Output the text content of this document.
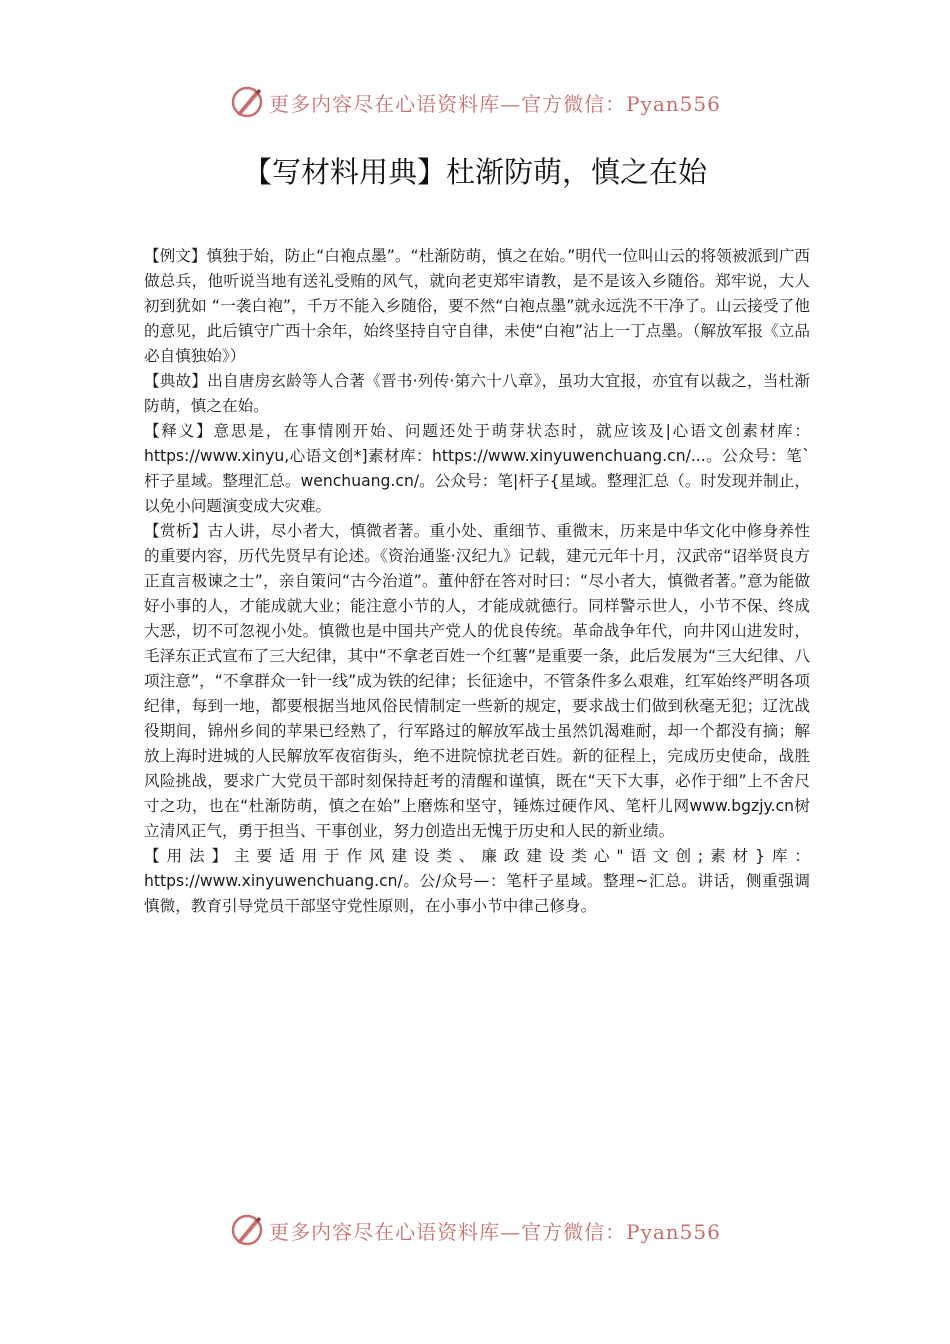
更多内容尽在心语资料库—官方微信：Pyan556
【写材料用典】杜渐防萌，慎之在始

【例文】慎独于始，防止“白袍点墨”。“杜渐防萌，慎之在始。”明代一位叫山云的将领被派到广西做总兵，他听说当地有送礼受贿的风气，就向老吏郑牢请教，是不是该入乡随俗。郑牢说，大人初到犹如 “一袭白袍”，千万不能入乡随俗，要不然“白袍点墨”就永远洗不干净了。山云接受了他的意见，此后镇守广西十余年，始终坚持自守自律，未使“白袍”沾上一丁点墨。（解放军报《立品必自慎独始》）

【典故】出自唐房玄龄等人合著《晋书·列传·第六十八章》，虽功大宜报，亦宜有以裁之，当杜渐防萌，慎之在始。

【释义】意思是，在事情刚开始、问题还处于萌芽状态时，就应该及|心语文创素材库：https://www.xinyu,心语文创*]素材库：https://www.xinyuwenchuang.cn/...。公众号：笔`杆子星域。整理汇总。wenchuang.cn/。公众号：笔|杆子{星域。整理汇总（。时发现并制止，以免小问题演变成大灾难。

【赏析】古人讲，尽小者大，慎微者著。重小处、重细节、重微末，历来是中华文化中修身养性的重要内容，历代先贤早有论述。《资治通鉴·汉纪九》记载，建元元年十月，汉武帝“诏举贤良方正直言极谏之士”，亲自策问“古今治道”。董仲舒在答对时曰：“尽小者大，慎微者著。”意为能做好小事的人，才能成就大业；能注意小节的人，才能成就德行。同样警示世人，小节不保、终成大恶，切不可忽视小处。慎微也是中国共产党人的优良传统。革命战争年代，向井冈山进发时，毛泽东正式宣布了三大纪律，其中“不拿老百姓一个红薯”是重要一条，此后发展为“三大纪律、八项注意”，“不拿群众一针一线”成为铁的纪律；长征途中，不管条件多么艰难，红军始终严明各项纪律，每到一地，都要根据当地风俗民情制定一些新的规定，要求战士们做到秋毫无犯；辽沈战役期间，锦州乡间的苹果已经熟了，行军路过的解放军战士虽然饥渴难耐，却一个都没有摘；解放上海时进城的人民解放军夜宿街头，绝不进院惊扰老百姓。新的征程上，完成历史使命，战胜风险挑战，要求广大党员干部时刻保持赶考的清醒和谨慎，既在“天下大事，必作于细”上不舍尺寸之功，也在“杜渐防萌，慎之在始”上磨炼和坚守，锤炼过硬作风、笔杆儿网www.bgzjy.cn树立清风正气，勇于担当、干事创业，努力创造出无愧于历史和人民的新业绩。

【用法】主要适用于作风建设类、廉政建设类心"语文创;素材}库：https://www.xinyuwenchuang.cn/。公/众号—：笔杆子星域。整理~汇总。讲话，侧重强调慎微，教育引导党员干部坚守党性原则，在小事小节中律己修身。

更多内容尽在心语资料库—官方微信：Pyan556
